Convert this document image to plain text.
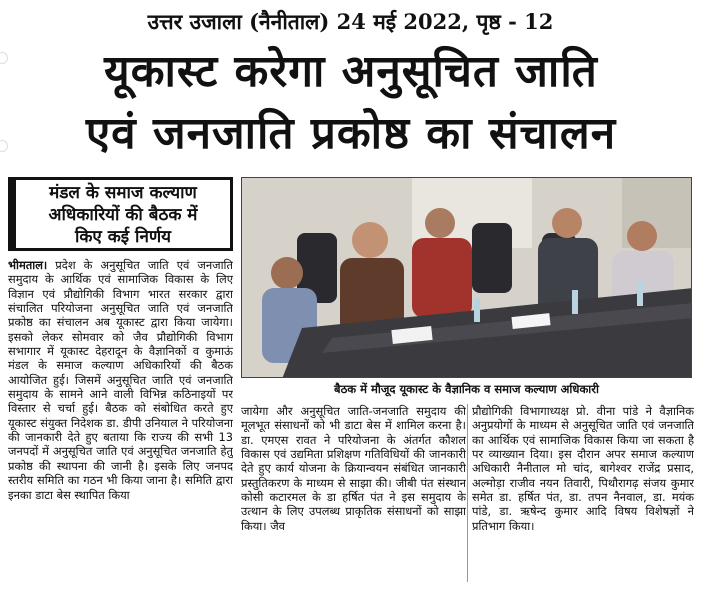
उत्तर उजाला (नैनीताल) 24 मई 2022, पृष्ठ - 12
यूकास्ट करेगा अनुसूचित जाति
एवं जनजाति प्रकोष्ठ का संचालन
मंडल के समाज कल्याण
अधिकारियों की बैठक में
किए कई निर्णय
बैठक में मौजूद यूकास्ट के वैज्ञानिक व समाज कल्याण अधिकारी

भीमताल। प्रदेश के अनुसूचित जाति एवं जनजाति समुदाय के आर्थिक एवं सामाजिक विकास के लिए विज्ञान एवं प्रौद्योगिकी विभाग भारत सरकार द्वारा संचालित परियोजना अनुसूचित जाति एवं जनजाति प्रकोष्ठ का संचालन अब यूकास्ट द्वारा किया जायेगा। इसको लेकर सोमवार को जैव प्रौद्योगिकी विभाग सभागार में यूकास्ट देहरादून के वैज्ञानिकों व कुमाऊं मंडल के समाज कल्याण अधिकारियों की बैठक आयोजित हुई। जिसमें अनुसूचित जाति एवं जनजाति समुदाय के सामने आने वाली विभिन्न कठिनाइयों पर विस्तार से चर्चा हुई। बैठक को संबोधित करते हुए यूकास्ट संयुक्त निदेशक डा. डीपी उनियाल ने परियोजना की जानकारी देते हुए बताया कि राज्य की सभी 13 जनपदों में अनुसूचित जाति एवं अनुसूचित जनजाति हेतु प्रकोष्ठ की स्थापना की जानी है। इसके लिए जनपद स्तरीय समिति का गठन भी किया जाना है। समिति द्वारा इनका डाटा बेस स्थापित किया

जायेगा और अनुसूचित जाति-जनजाति समुदाय की मूलभूत संसाधनों को भी डाटा बेस में शामिल करना है। डा. एमएस रावत ने परियोजना के अंतर्गत कौशल विकास एवं उद्यमिता प्रशिक्षण गतिविधियों की जानकारी देते हुए कार्य योजना के क्रियान्वयन संबंधित जानकारी प्रस्तुतिकरण के माध्यम से साझा की। जीबी पंत संस्थान कोसी कटारमल के डा हर्षित पंत ने इस समुदाय के उत्थान के लिए उपलब्ध प्राकृतिक संसाधनों को साझा किया। जैव

प्रौद्योगिकी विभागाध्यक्ष प्रो. वीना पांडे ने वैज्ञानिक अनुप्रयोगों के माध्यम से अनुसूचित जाति एवं जनजाति का आर्थिक एवं सामाजिक विकास किया जा सकता है पर व्याख्यान दिया। इस दौरान अपर समाज कल्याण अधिकारी नैनीताल मो चांद, बागेश्वर राजेंद्र प्रसाद, अल्मोड़ा राजीव नयन तिवारी, पिथौरागढ़ संजय कुमार समेत डा. हर्षित पंत, डा. तपन नैनवाल, डा. मयंक पांडे, डा. ऋषेन्द कुमार आदि विषय विशेषज्ञों ने प्रतिभाग किया।
